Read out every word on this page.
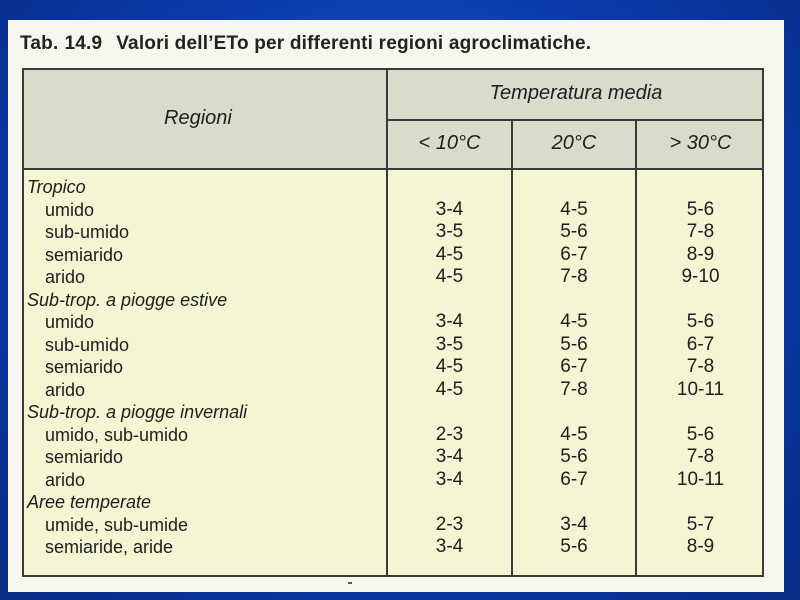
Tab. 14.9 Valori dell’ETo per differenti regioni agroclimatiche.
Regioni
Temperatura media
< 10°C	20°C	> 30°C
Tropico
umido
sub-umido
semiarido
arido
Sub-trop. a piogge estive
umido
sub-umido
semiarido
arido
Sub-trop. a piogge invernali
umido, sub-umido
semiarido
arido
Aree temperate
umide, sub-umide
semiaride, aride

3-4
3-5
4-5
4-5

3-4
3-5
4-5
4-5

2-3
3-4
3-4

2-3
3-4

4-5
5-6
6-7
7-8

4-5
5-6
6-7
7-8

4-5
5-6
6-7

3-4
5-6

5-6
7-8
8-9
9-10

5-6
6-7
7-8
10-11

5-6
7-8
10-11

5-7
8-9
